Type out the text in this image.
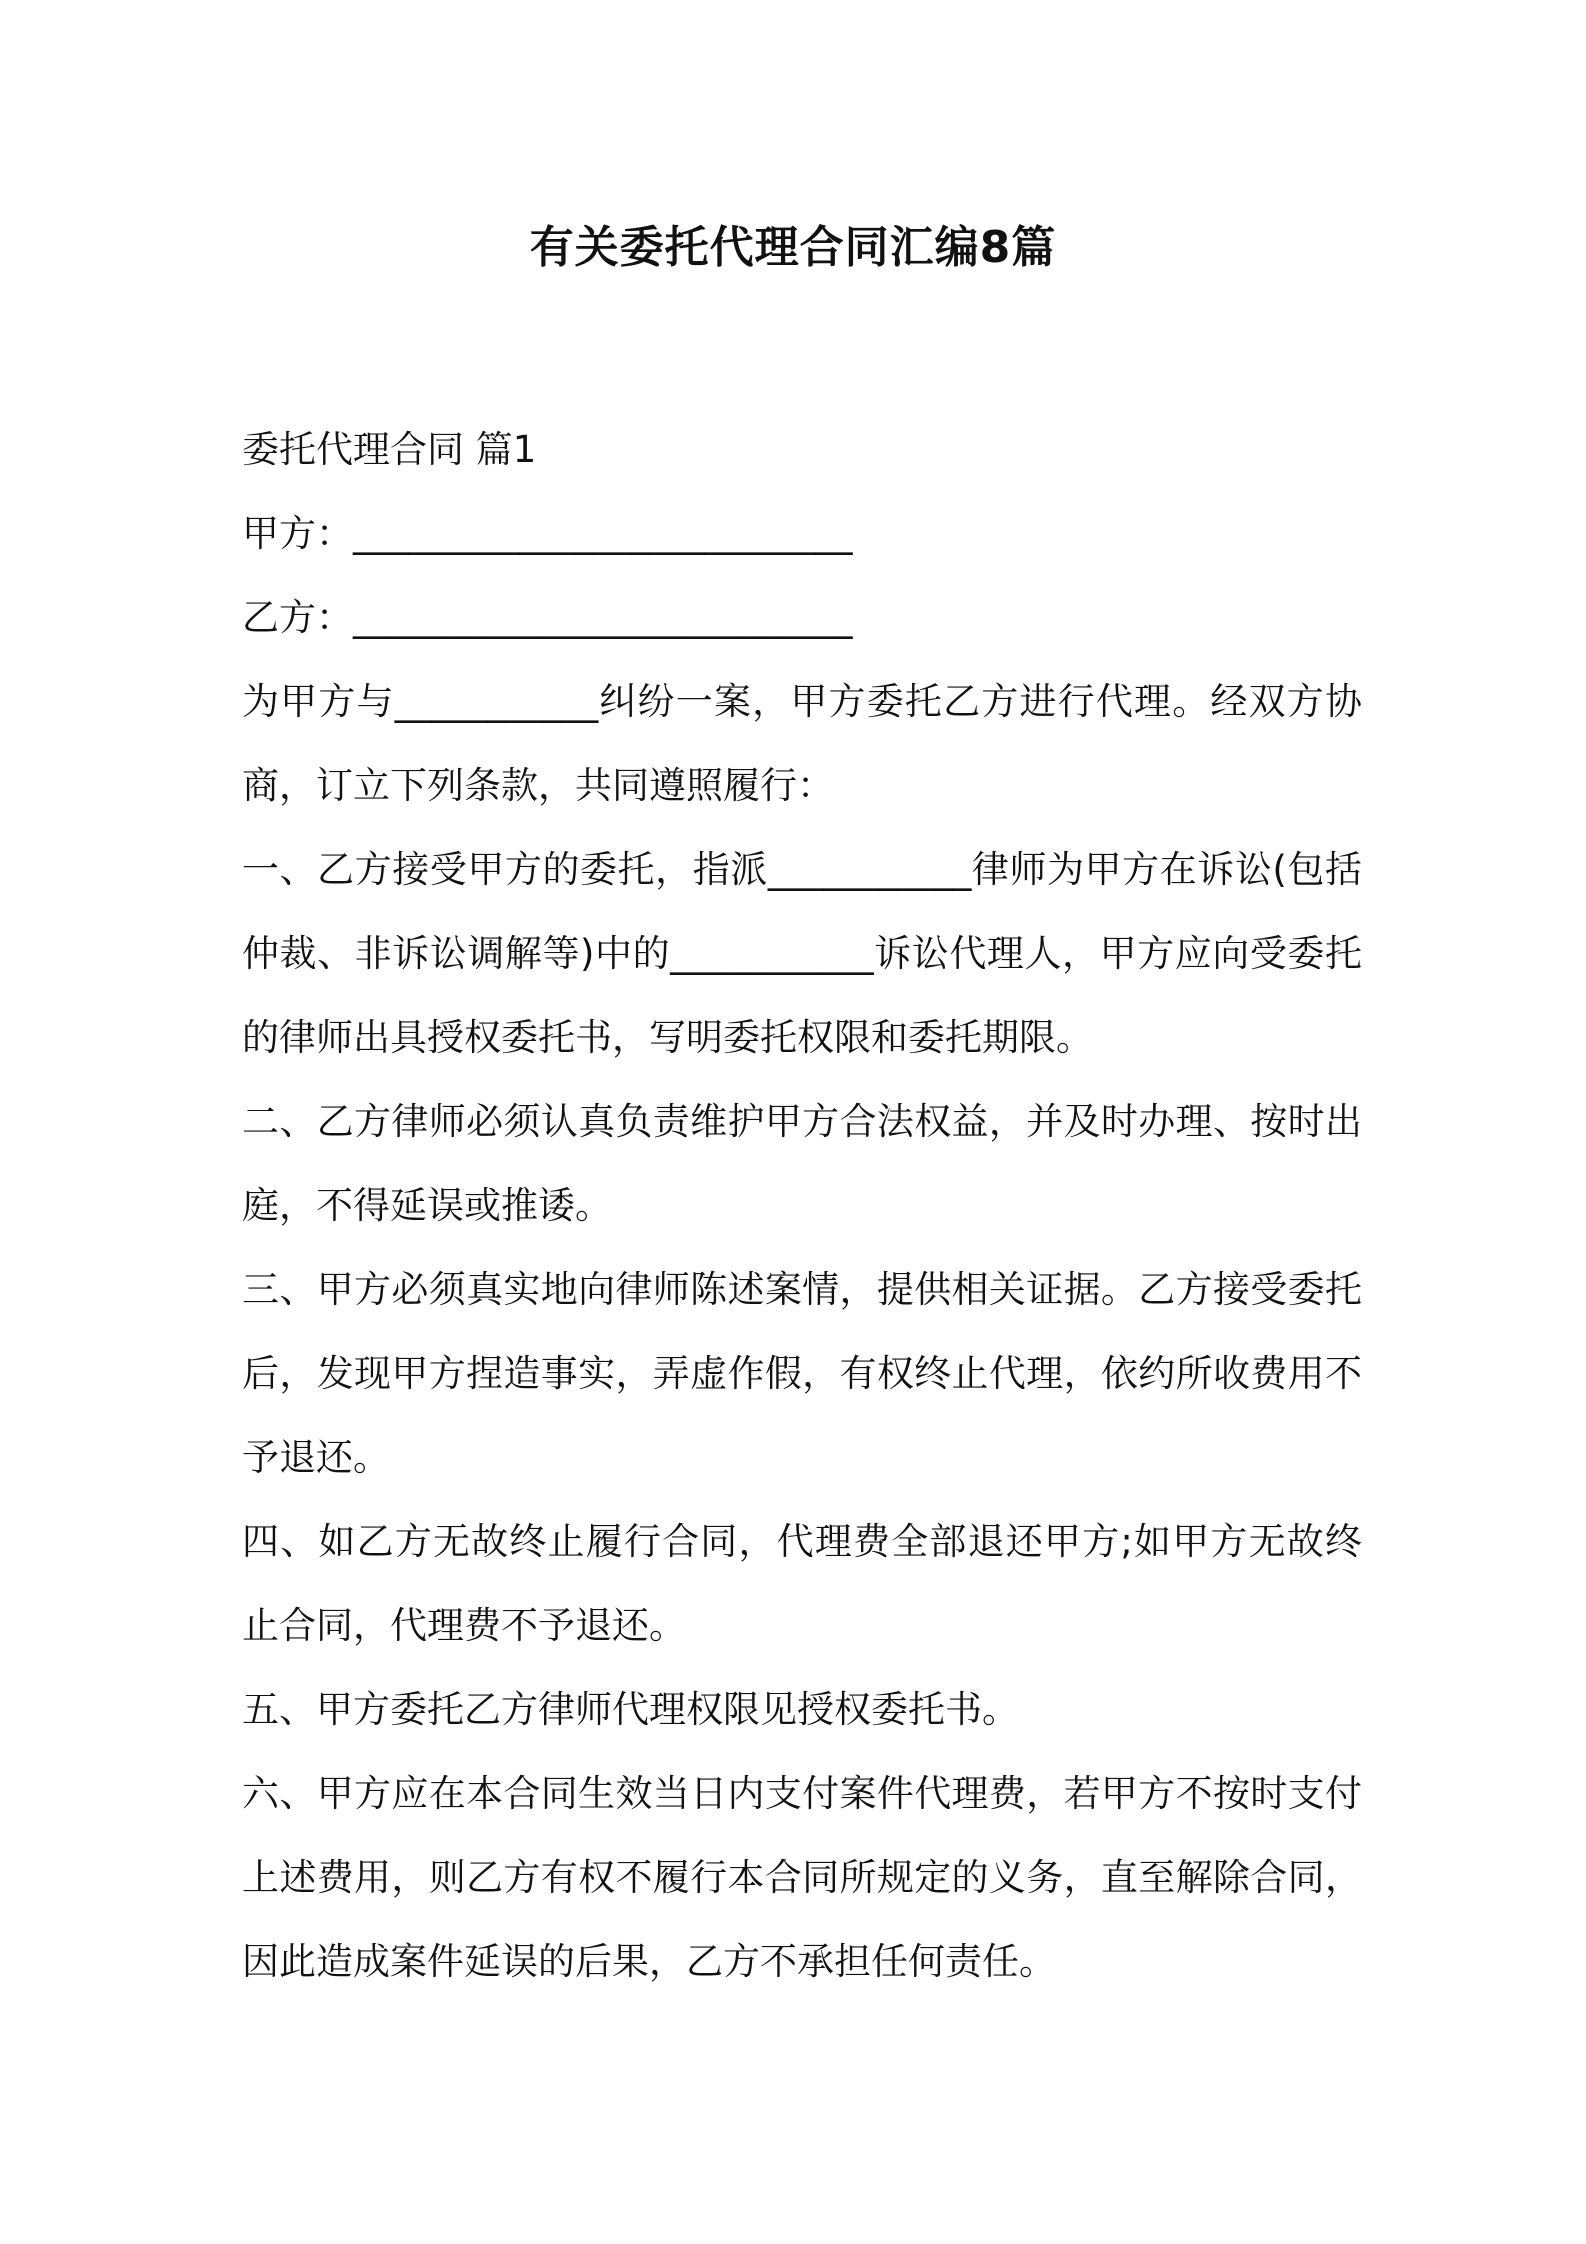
有关委托代理合同汇编8篇

委托代理合同 篇1

甲方：___________________________

乙方：___________________________

为甲方与___________纠纷一案，甲方委托乙方进行代理。经双方协商，订立下列条款，共同遵照履行：

一、乙方接受甲方的委托，指派___________律师为甲方在诉讼(包括仲裁、非诉讼调解等)中的___________诉讼代理人，甲方应向受委托的律师出具授权委托书，写明委托权限和委托期限。

二、乙方律师必须认真负责维护甲方合法权益，并及时办理、按时出庭，不得延误或推诿。

三、甲方必须真实地向律师陈述案情，提供相关证据。乙方接受委托后，发现甲方捏造事实，弄虚作假，有权终止代理，依约所收费用不予退还。

四、如乙方无故终止履行合同，代理费全部退还甲方;如甲方无故终止合同，代理费不予退还。

五、甲方委托乙方律师代理权限见授权委托书。

六、甲方应在本合同生效当日内支付案件代理费，若甲方不按时支付上述费用，则乙方有权不履行本合同所规定的义务，直至解除合同，因此造成案件延误的后果，乙方不承担任何责任。
